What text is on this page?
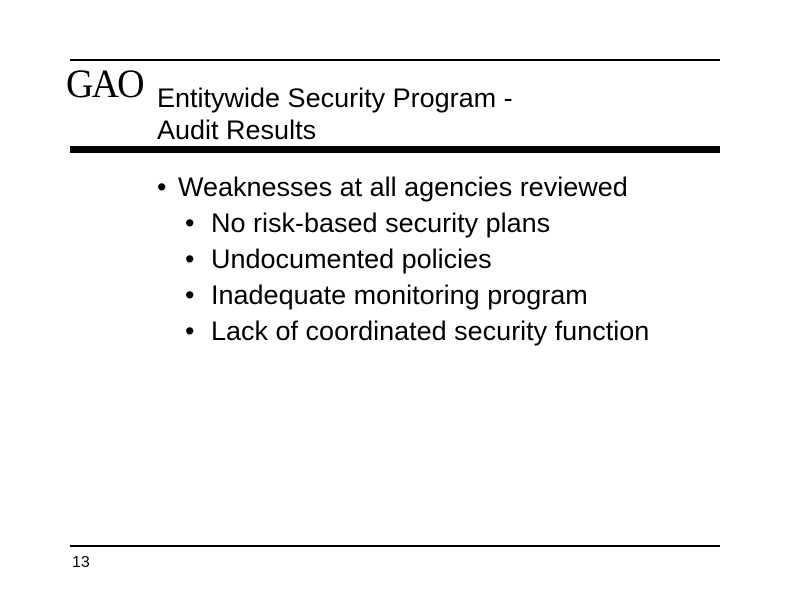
GAO Entitywide Security Program -
Audit Results
• Weaknesses at all agencies reviewed
• No risk-based security plans
• Undocumented policies
• Inadequate monitoring program
• Lack of coordinated security function
13
